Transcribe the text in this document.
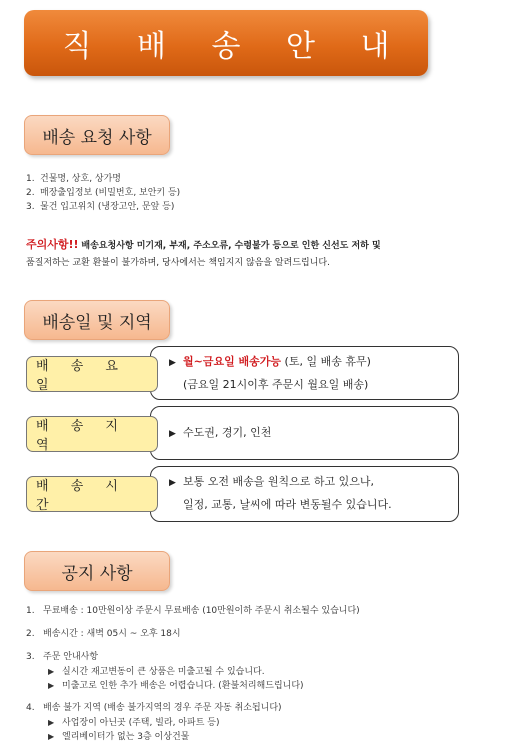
직 배 송 안 내
배송 요청 사항
1. 건물명, 상호, 상가명
2. 매장출입정보 (비밀번호, 보안키 등)
3. 물건 입고위치 (냉장고안, 문앞 등)
주의사항!! 배송요청사항 미기재, 부재, 주소오류, 수령불가 등으로 인한 신선도 저하 및
품질저하는 교환 환불이 불가하며, 당사에서는 책임지지 않음을 알려드립니다.
배송일 및 지역
▶ 월~금요일 배송가능 (토, 일 배송 휴무)
(금요일 21시이후 주문시 월요일 배송)
배 송 요 일
▶ 수도권, 경기, 인천
배 송 지 역
▶ 보통 오전 배송을 원칙으로 하고 있으나,
일정, 교통, 날씨에 따라 변동될수 있습니다.
배 송 시 간
공지 사항
1. 무료배송 : 10만원이상 주문시 무료배송 (10만원이하 주문시 취소될수 있습니다)
2. 배송시간 : 새벽 05시 ~ 오후 18시
3. 주문 안내사항
▶ 실시간 재고변동이 큰 상품은 미출고될 수 있습니다.
▶ 미출고로 인한 추가 배송은 어렵습니다. (환불처리해드립니다)
4. 배송 불가 지역 (배송 불가지역의 경우 주문 자동 취소됩니다)
▶ 사업장이 아닌곳 (주택, 빌라, 아파트 등)
▶ 엘리베이터가 없는 3층 이상건물
